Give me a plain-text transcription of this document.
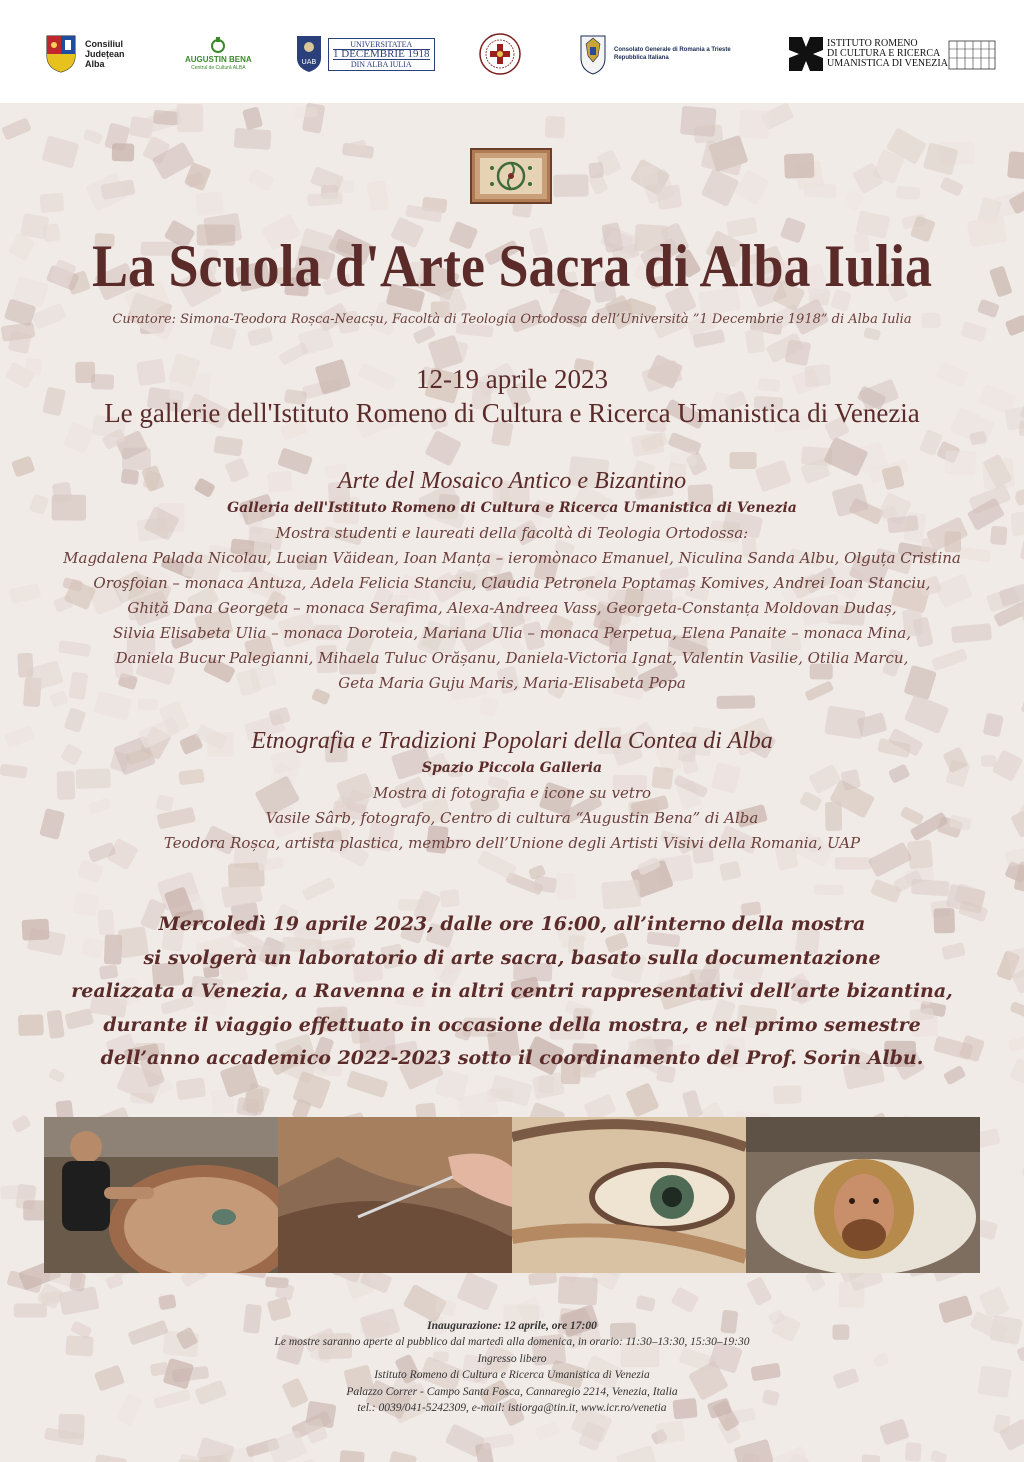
Consiliul
Județean
Alba	AUGUSTIN BENA
Centrul de Cultură ALBA
UAB
UNIVERSITATEA
1 DECEMBRIE 1918
DIN ALBA IULIA
Consolato Generale di Romania a Trieste
Repubblica Italiana
ISTITUTO ROMENO
DI CULTURA E RICERCA
UMANISTICA DI VENEZIA
La Scuola d'Arte Sacra di Alba Iulia
Curatore: Simona-Teodora Roșca-Neacșu, Facoltà di Teologia Ortodossa dell’Università ”1 Decembrie 1918” di Alba Iulia
12-19 aprile 2023
Le gallerie dell'Istituto Romeno di Cultura e Ricerca Umanistica di Venezia
Arte del Mosaico Antico e Bizantino
Galleria dell'Istituto Romeno di Cultura e Ricerca Umanistica di Venezia
Mostra studenti e laureati della facoltà di Teologia Ortodossa:
Magdalena Palada Nicolau, Lucian Văidean, Ioan Manța – ieromònaco Emanuel, Niculina Sanda Albu, Olguța Cristina
Oroşfoian – monaca Antuza, Adela Felicia Stanciu, Claudia Petronela Poptamaș Komives, Andrei Ioan Stanciu,
Ghiță Dana Georgeta – monaca Serafima, Alexa-Andreea Vass, Georgeta-Constanța Moldovan Dudaș,
Silvia Elisabeta Ulia – monaca Doroteia, Mariana Ulia – monaca Perpetua, Elena Panaite – monaca Mina,
Daniela Bucur Palegianni, Mihaela Tuluc Orășanu, Daniela-Victoria Ignat, Valentin Vasilie, Otilia Marcu,
Geta Maria Guju Maris, Maria-Elisabeta Popa
Etnografia e Tradizioni Popolari della Contea di Alba
Spazio Piccola Galleria
Mostra di fotografia e icone su vetro
Vasile Sârb, fotografo, Centro di cultura “Augustin Bena” di Alba
Teodora Roșca, artista plastica, membro dell’Unione degli Artisti Visivi della Romania, UAP
Mercoledì 19 aprile 2023, dalle ore 16:00, all’interno della mostra
si svolgerà un laboratorio di arte sacra, basato sulla documentazione
realizzata a Venezia, a Ravenna e in altri centri rappresentativi dell’arte bizantina,
durante il viaggio effettuato in occasione della mostra, e nel primo semestre
dell’anno accademico 2022-2023 sotto il coordinamento del Prof. Sorin Albu.
Inaugurazione: 12 aprile, ore 17:00
Le mostre saranno aperte al pubblico dal martedì alla domenica, in orario: 11:30–13:30, 15:30–19:30
Ingresso libero
Istituto Romeno di Cultura e Ricerca Umanistica di Venezia
Palazzo Correr - Campo Santa Fosca, Cannaregio 2214, Venezia, Italia
tel.: 0039/041-5242309, e-mail: istiorga@tin.it, www.icr.ro/venetia
